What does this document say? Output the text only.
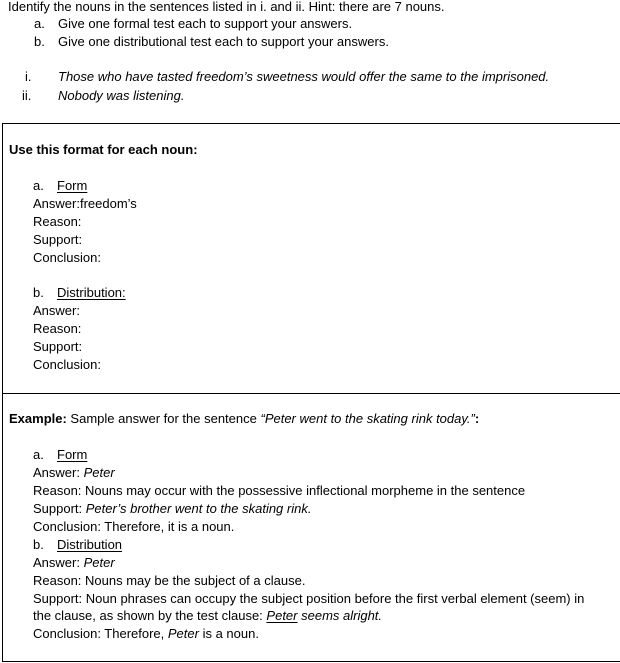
Identify the nouns in the sentences listed in i. and ii. Hint: there are 7 nouns.
a. Give one formal test each to support your answers.
b. Give one distributional test each to support your answers.
i. Those who have tasted freedom’s sweetness would offer the same to the imprisoned.
ii. Nobody was listening.
Use this format for each noun:
a. Form
Answer:freedom’s
Reason:
Support:
Conclusion:
b. Distribution:
Answer:
Reason:
Support:
Conclusion:
Example: Sample answer for the sentence “Peter went to the skating rink today.”:
a. Form
Answer: Peter
Reason: Nouns may occur with the possessive inflectional morpheme in the sentence
Support: Peter’s brother went to the skating rink.
Conclusion: Therefore, it is a noun.
b. Distribution
Answer: Peter
Reason: Nouns may be the subject of a clause.
Support: Noun phrases can occupy the subject position before the first verbal element (seem) in
the clause, as shown by the test clause: Peter seems alright.
Conclusion: Therefore, Peter is a noun.
